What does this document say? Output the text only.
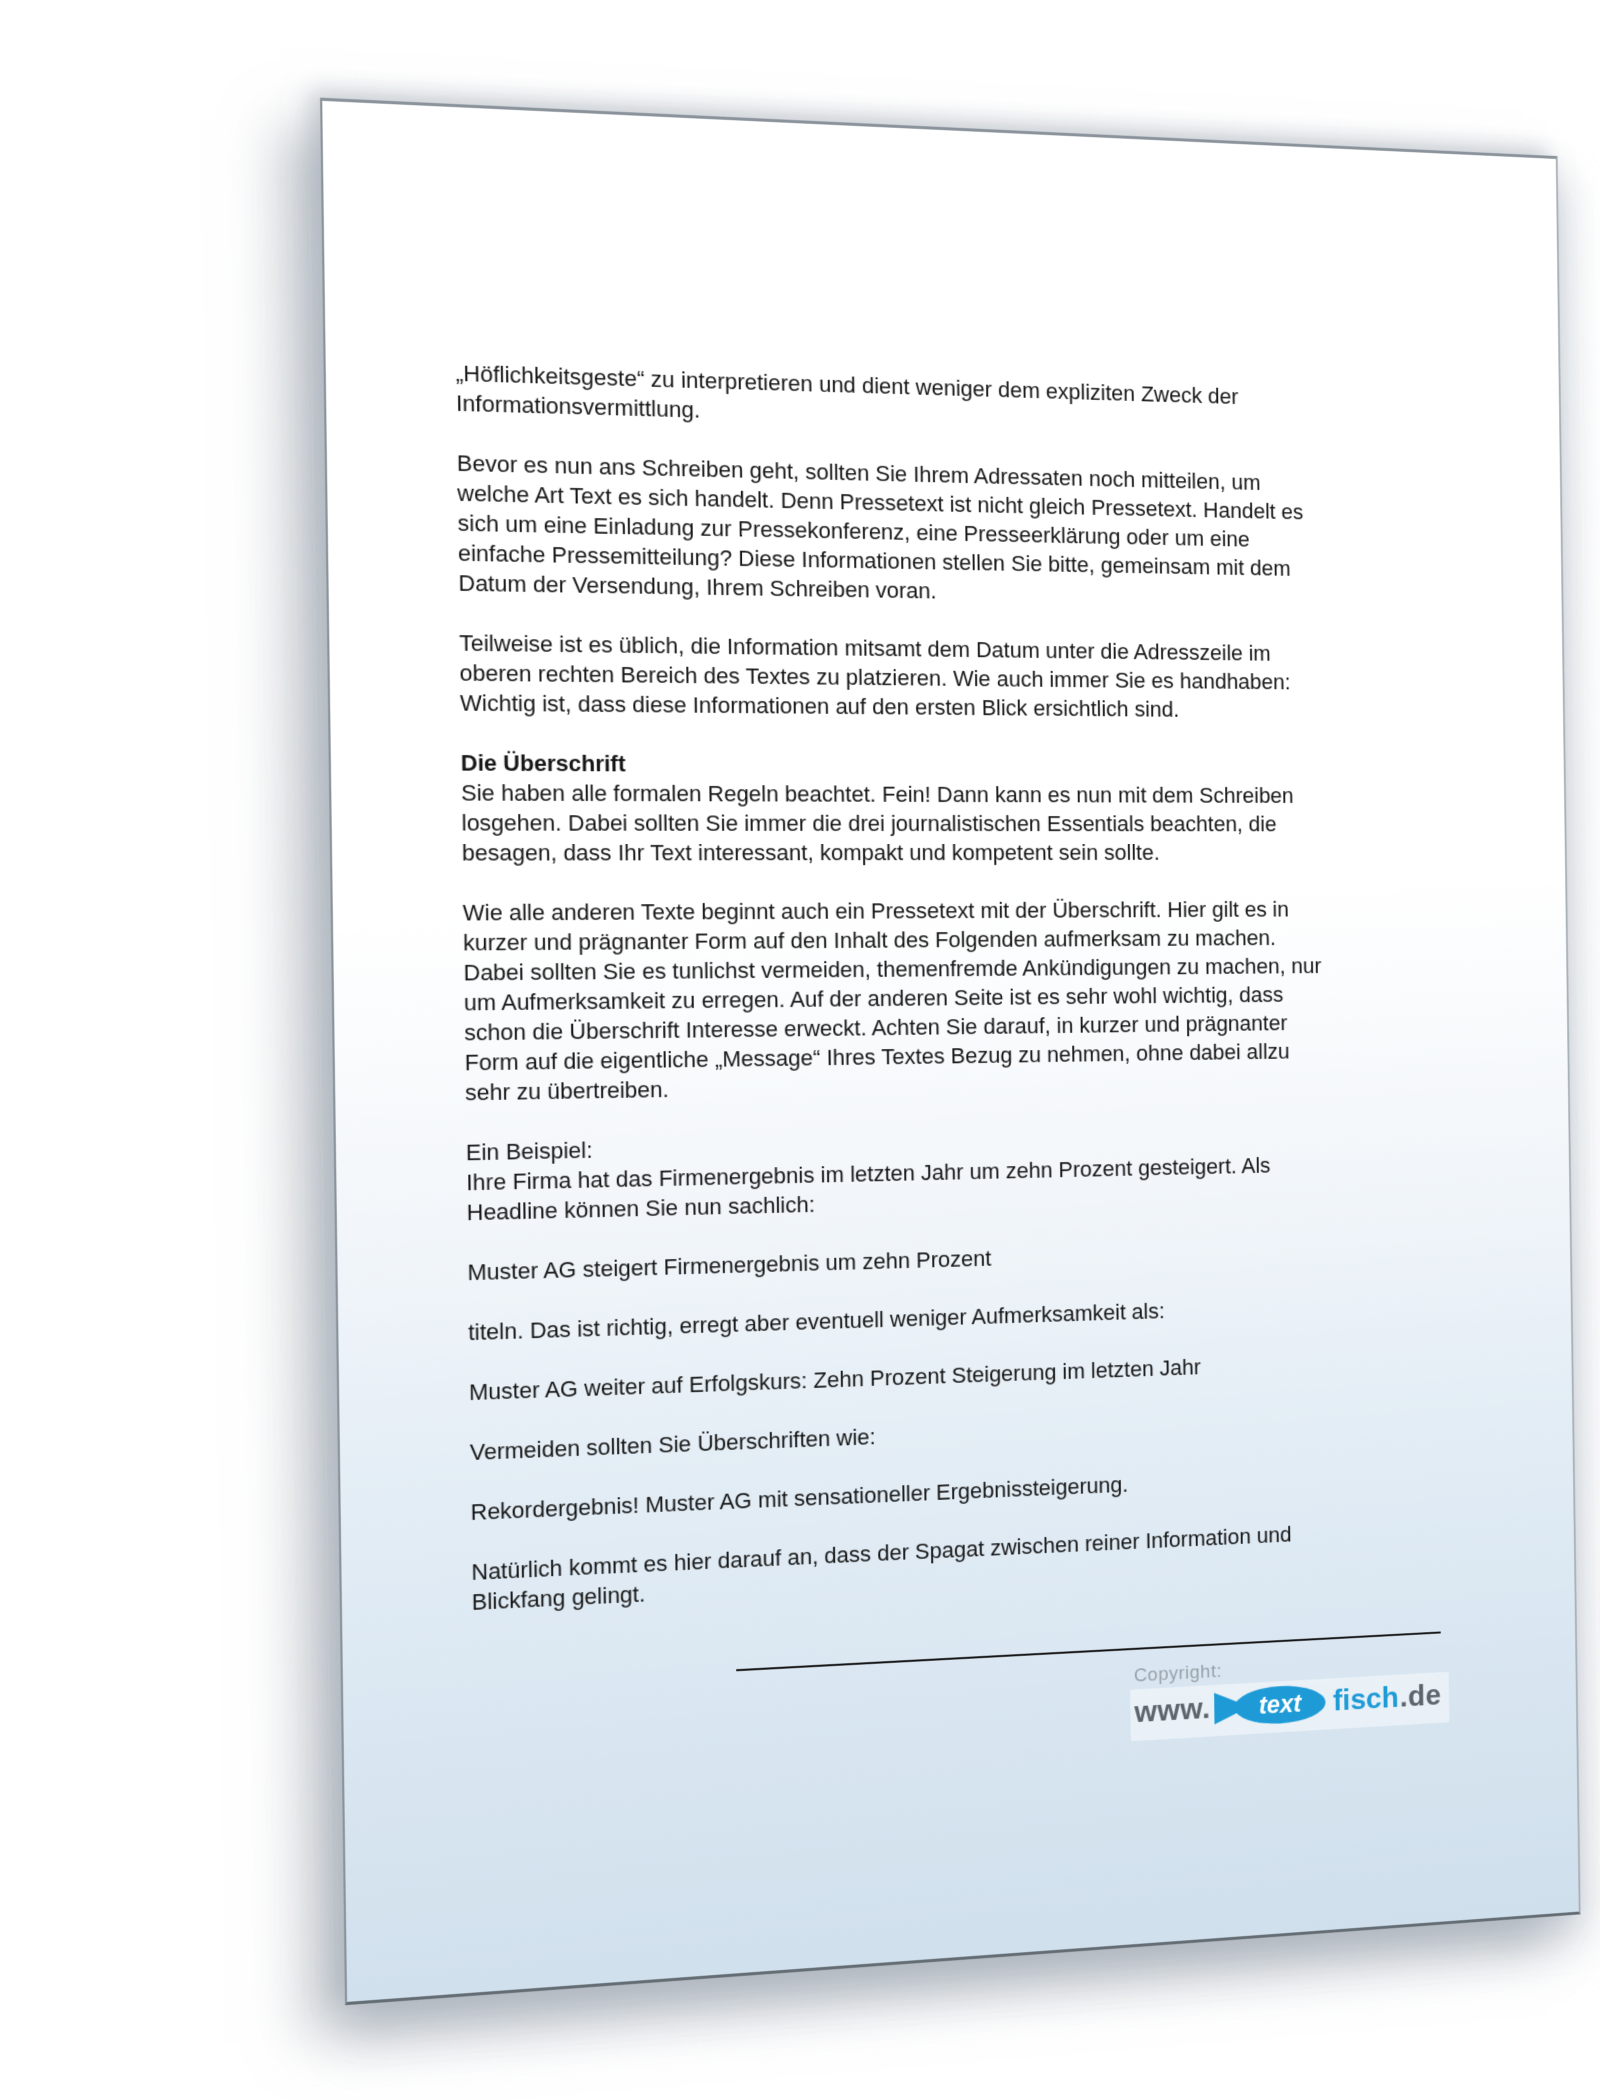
„Höflichkeitsgeste“ zu interpretieren und dient weniger dem expliziten Zweck der
Informationsvermittlung.

Bevor es nun ans Schreiben geht, sollten Sie Ihrem Adressaten noch mitteilen, um
welche Art Text es sich handelt. Denn Pressetext ist nicht gleich Pressetext. Handelt es
sich um eine Einladung zur Pressekonferenz, eine Presseerklärung oder um eine
einfache Pressemitteilung? Diese Informationen stellen Sie bitte, gemeinsam mit dem
Datum der Versendung, Ihrem Schreiben voran.

Teilweise ist es üblich, die Information mitsamt dem Datum unter die Adresszeile im
oberen rechten Bereich des Textes zu platzieren. Wie auch immer Sie es handhaben:
Wichtig ist, dass diese Informationen auf den ersten Blick ersichtlich sind.

Die Überschrift

Sie haben alle formalen Regeln beachtet. Fein! Dann kann es nun mit dem Schreiben
losgehen. Dabei sollten Sie immer die drei journalistischen Essentials beachten, die
besagen, dass Ihr Text interessant, kompakt und kompetent sein sollte.

Wie alle anderen Texte beginnt auch ein Pressetext mit der Überschrift. Hier gilt es in
kurzer und prägnanter Form auf den Inhalt des Folgenden aufmerksam zu machen.
Dabei sollten Sie es tunlichst vermeiden, themenfremde Ankündigungen zu machen, nur
um Aufmerksamkeit zu erregen. Auf der anderen Seite ist es sehr wohl wichtig, dass
schon die Überschrift Interesse erweckt. Achten Sie darauf, in kurzer und prägnanter
Form auf die eigentliche „Message“ Ihres Textes Bezug zu nehmen, ohne dabei allzu
sehr zu übertreiben.

Ein Beispiel:
Ihre Firma hat das Firmenergebnis im letzten Jahr um zehn Prozent gesteigert. Als
Headline können Sie nun sachlich:

Muster AG steigert Firmenergebnis um zehn Prozent

titeln. Das ist richtig, erregt aber eventuell weniger Aufmerksamkeit als:

Muster AG weiter auf Erfolgskurs: Zehn Prozent Steigerung im letzten Jahr

Vermeiden sollten Sie Überschriften wie:

Rekordergebnis! Muster AG mit sensationeller Ergebnissteigerung.

Natürlich kommt es hier darauf an, dass der Spagat zwischen reiner Information und
Blickfang gelingt.

Copyright:
www. text fisch .de
